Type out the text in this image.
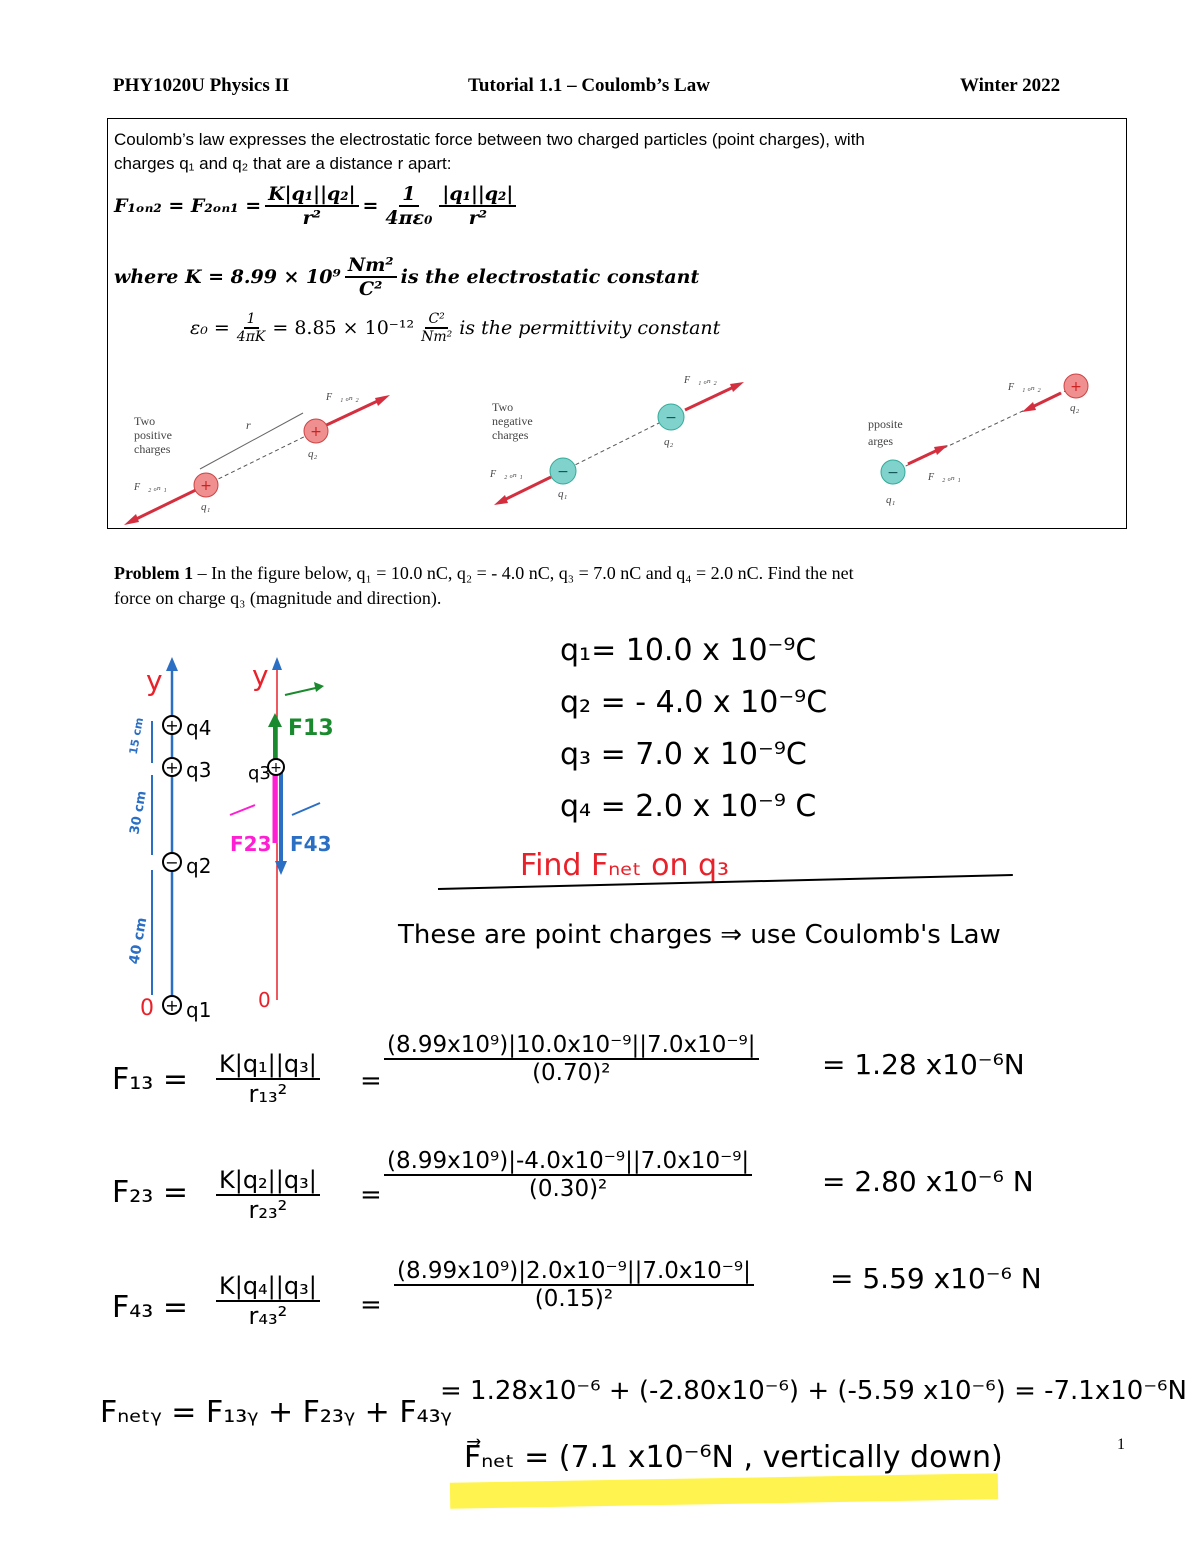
PHY1020U Physics II	Tutorial 1.1 – Coulomb’s Law	Winter 2022
Coulomb’s law expresses the electrostatic force between two charged particles (point charges), with
charges q₁ and q₂ that are a distance r apart:
$F_{1on2} = F_{2on1} = \frac{\text{K|q₁||q₂|}}{\text{r²}} = \frac{1}{\text{4πε₀}} \frac{\text{|q₁||q₂|}}{\text{r²}}$
where $K = 8.99 \times 10^9 \frac{\text{Nm²}}{\text{C²}}$ is the electrostatic constant
$\varepsilon_0 = \frac{1}{4\pi K} = 8.85 \times 10^{-12} \frac{\text{C²}}{\text{Nm²}}$ is the permittivity constant
Two
positive
charges
r
+
+
q₁
q₂
F⃗₁ ₒₙ ₂
F⃗₂ ₒₙ ₁
Two
negative
charges
−
−
q₁
q₂
F⃗₁ ₒₙ ₂
F⃗₂ ₒₙ ₁
pposite
arges
−
+
q₁
q₂
F⃗₁ ₒₙ ₂
F⃗₂ ₒₙ ₁
Problem 1 – In the figure below, q₁ = 10.0 nC, q₂ = - 4.0 nC, q₃ = 7.0 nC and q₄ = 2.0 nC. Find the net
force on charge q₃ (magnitude and direction).
y
0
+
+
−
+
q4
q3
q2
q1
15 cm
30 cm
40 cm
y
0
+
q3
F13
F23 F43
q₁= 10.0 x 10⁻⁹C
q₂ = - 4.0 x 10⁻⁹C
q₃ = 7.0 x 10⁻⁹C
q₄ = 2.0 x 10⁻⁹ C
Find Fₙₑₜ on q₃
These are point charges ⇒ use Coulomb's Law
$F_{13} = \frac{\text{K|q₁||q₃|}}{\text{r₁₃²}} = \frac{\text{(8.99x10⁹)|10.0x10⁻⁹||7.0x10⁻⁹|}}{\text{(0.70)²}} = 1.28$ x10⁻⁶N
$F_{23} = \frac{\text{K|q₂||q₃|}}{\text{r₂₃²}} = \frac{\text{(8.99x10⁹)|-4.0x10⁻⁹||7.0x10⁻⁹|}}{\text{(0.30)²}} = 2.80$ x10⁻⁶ N
$F_{43} = \frac{\text{K|q₄||q₃|}}{\text{r₄₃²}} = \frac{\text{(8.99x10⁹)|2.0x10⁻⁹||7.0x10⁻⁹|}}{\text{(0.15)²}}$	= 5.59 x10⁻⁶ N
Fₙₑₜᵧ = F₁₃ᵧ + F₂₃ᵧ + F₄₃ᵧ
= 1.28x10⁻⁶ + (-2.80x10⁻⁶) + (-5.59 x10⁻⁶) = -7.1x10⁻⁶N
F⃗ₙₑₜ = (7.1 x10⁻⁶N , vertically down)	1
